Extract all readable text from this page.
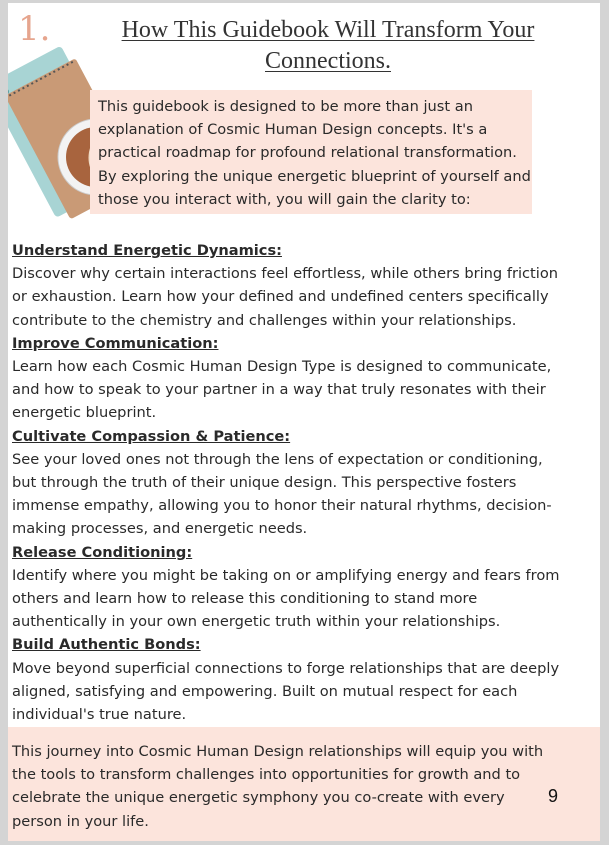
1.	How This Guidebook Will Transform Your
Connections.
This guidebook is designed to be more than just an
explanation of Cosmic Human Design concepts. It's a
practical roadmap for profound relational transformation.
By exploring the unique energetic blueprint of yourself and
those you interact with, you will gain the clarity to:
Understand Energetic Dynamics:
Discover why certain interactions feel effortless, while others bring friction
or exhaustion. Learn how your defined and undefined centers specifically
contribute to the chemistry and challenges within your relationships.
Improve Communication:
Learn how each Cosmic Human Design Type is designed to communicate,
and how to speak to your partner in a way that truly resonates with their
energetic blueprint.
Cultivate Compassion & Patience:
See your loved ones not through the lens of expectation or conditioning,
but through the truth of their unique design. This perspective fosters
immense empathy, allowing you to honor their natural rhythms, decision-
making processes, and energetic needs.
Release Conditioning:
Identify where you might be taking on or amplifying energy and fears from
others and learn how to release this conditioning to stand more
authentically in your own energetic truth within your relationships.
Build Authentic Bonds:
Move beyond superficial connections to forge relationships that are deeply
aligned, satisfying and empowering. Built on mutual respect for each
individual's true nature.
This journey into Cosmic Human Design relationships will equip you with
the tools to transform challenges into opportunities for growth and to
celebrate the unique energetic symphony you co-create with every
person in your life.
9
